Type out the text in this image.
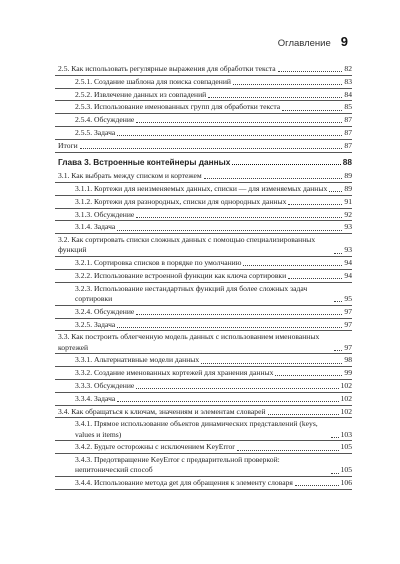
Оглавление 9
2.5. Как использовать регулярные выражения для обработки текста	82
2.5.1. Создание шаблона для поиска совпадений	83
2.5.2. Извлечение данных из совпадений	84
2.5.3. Использование именованных групп для обработки текста	85
2.5.4. Обсуждение	87
2.5.5. Задача	87
Итоги	87
Глава 3. Встроенные контейнеры данных	88
3.1. Как выбрать между списком и кортежем	89
3.1.1. Кортежи для неизменяемых данных, списки — для изменяемых данных 89
3.1.2. Кортежи для разнородных, списки для однородных данных	91
3.1.3. Обсуждение	92
3.1.4. Задача	93
3.2. Как сортировать списки сложных данных с помощью специализированных функций	93
3.2.1. Сортировка списков в порядке по умолчанию	94
3.2.2. Использование встроенной функции как ключа сортировки	94
3.2.3. Использование нестандартных функций для более сложных задач сортировки	95
3.2.4. Обсуждение	97
3.2.5. Задача	97
3.3. Как построить облегченную модель данных с использованием именованных кортежей	97
3.3.1. Альтернативные модели данных	98
3.3.2. Создание именованных кортежей для хранения данных	99
3.3.3. Обсуждение	102
3.3.4. Задача	102
3.4. Как обращаться к ключам, значениям и элементам словарей	102
3.4.1. Прямое использование объектов динамических представлений (keys, values и items)	103
3.4.2. Будьте осторожны с исключением KeyError	105
3.4.3. Предотвращение KeyError с предварительной проверкой: непитонический способ	105
3.4.4. Использование метода get для обращения к элементу словаря	106
